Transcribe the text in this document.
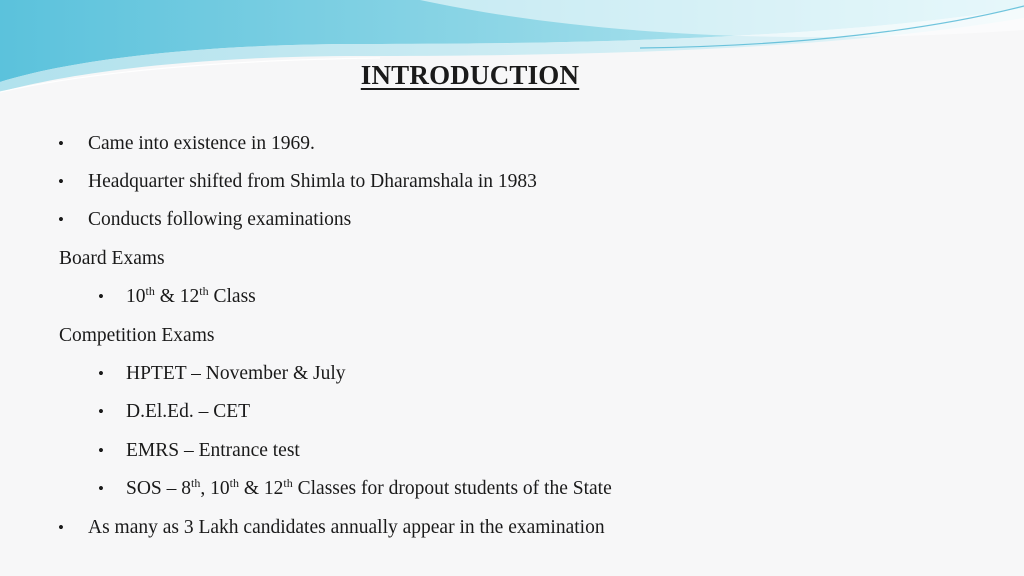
INTRODUCTION
• Came into existence in 1969.
• Headquarter shifted from Shimla to Dharamshala in 1983
• Conducts following examinations
Board Exams
• 10th & 12th Class
Competition Exams
• HPTET – November & July
• D.El.Ed. – CET
• EMRS – Entrance test
• SOS – 8th, 10th & 12th Classes for dropout students of the State
• As many as 3 Lakh candidates annually appear in the examination
